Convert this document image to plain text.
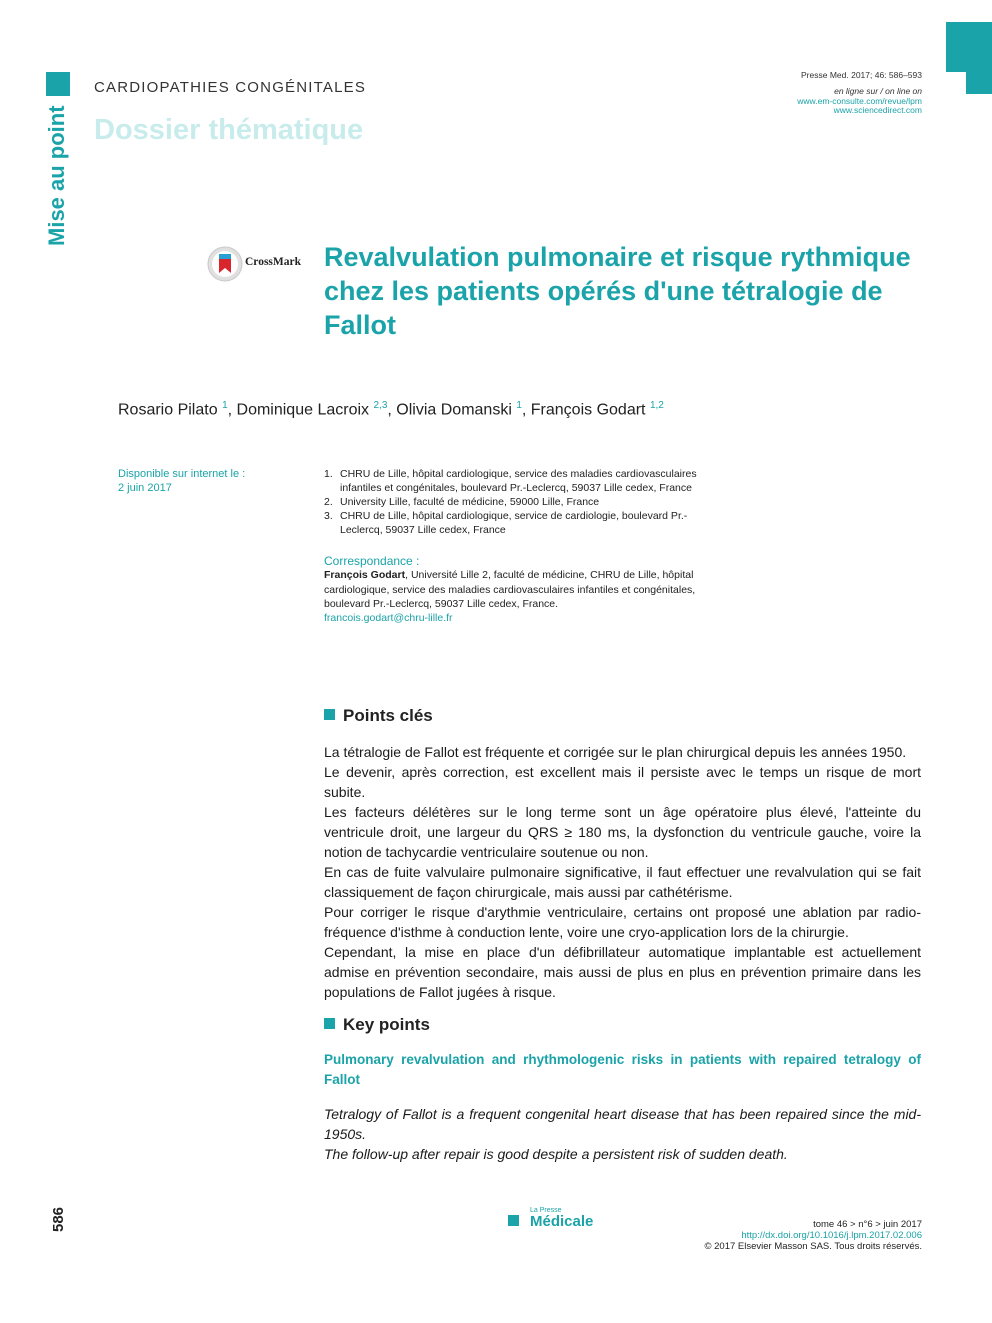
Mise au point
CARDIOPATHIES CONGÉNITALES
Dossier thématique
Presse Med. 2017; 46: 586–593
en ligne sur / on line on
www.em-consulte.com/revue/lpm
www.sciencedirect.com
CrossMark Revalvulation pulmonaire et risque rythmique chez les patients opérés d'une tétralogie de Fallot
Rosario Pilato $^1$, Dominique Lacroix $^{2,3}$, Olivia Domanski $^1$, François Godart $^{1,2}$
Disponible sur internet le :
2 juin 2017
1. CHRU de Lille, hôpital cardiologique, service des maladies cardiovasculaires infantiles et congénitales, boulevard Pr.-Leclercq, 59037 Lille cedex, France
2. University Lille, faculté de médicine, 59000 Lille, France
3. CHRU de Lille, hôpital cardiologique, service de cardiologie, boulevard Pr.-Leclercq, 59037 Lille cedex, France
Correspondance :
François Godart, Université Lille 2, faculté de médicine, CHRU de Lille, hôpital cardiologique, service des maladies cardiovasculaires infantiles et congénitales, boulevard Pr.-Leclercq, 59037 Lille cedex, France.
francois.godart@chru-lille.fr
Points clés

La tétralogie de Fallot est fréquente et corrigée sur le plan chirurgical depuis les années 1950.

Le devenir, après correction, est excellent mais il persiste avec le temps un risque de mort subite.

Les facteurs délétères sur le long terme sont un âge opératoire plus élevé, l'atteinte du ventricule droit, une largeur du QRS ≥ 180 ms, la dysfonction du ventricule gauche, voire la notion de tachycardie ventriculaire soutenue ou non.

En cas de fuite valvulaire pulmonaire significative, il faut effectuer une revalvulation qui se fait classiquement de façon chirurgicale, mais aussi par cathétérisme.

Pour corriger le risque d'arythmie ventriculaire, certains ont proposé une ablation par radio-fréquence d'isthme à conduction lente, voire une cryo-application lors de la chirurgie.

Cependant, la mise en place d'un défibrillateur automatique implantable est actuellement admise en prévention secondaire, mais aussi de plus en plus en prévention primaire dans les populations de Fallot jugées à risque.

Key points
Pulmonary revalvulation and rhythmologenic risks in patients with repaired tetralogy of Fallot

Tetralogy of Fallot is a frequent congenital heart disease that has been repaired since the mid-1950s.

The follow-up after repair is good despite a persistent risk of sudden death.

586	La Presse
Médicale	tome 46 > n°6 > juin 2017
http://dx.doi.org/10.1016/j.lpm.2017.02.006
© 2017 Elsevier Masson SAS. Tous droits réservés.
